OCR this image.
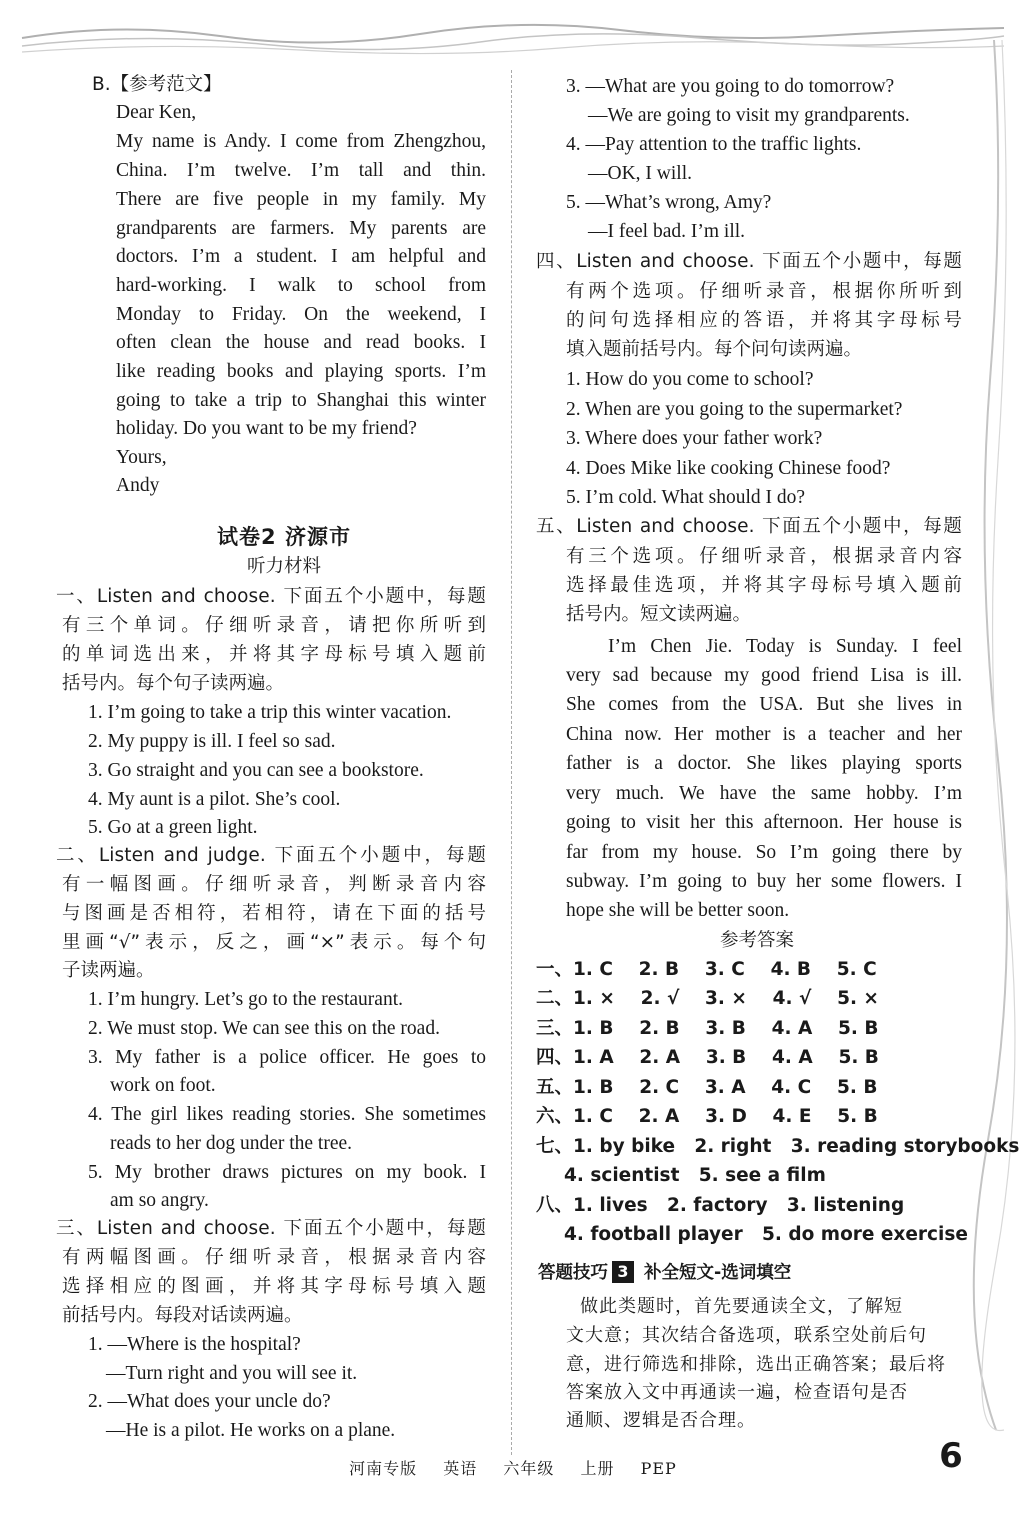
B.【参考范文】
Dear Ken,
My name is Andy. I come from Zhengzhou,
China. I’m twelve. I’m tall and thin.
There are five people in my family. My
grandparents are farmers. My parents are
doctors. I’m a student. I am helpful and
hard-working. I walk to school from
Monday to Friday. On the weekend, I
often clean the house and read books. I
like reading books and playing sports. I’m
going to take a trip to Shanghai this winter
holiday. Do you want to be my friend?
Yours,
Andy
试卷2 济源市
听力材料
一、Listen and choose. 下面五个小题中，每题
有三个单词。仔细听录音，请把你所听到
的单词选出来，并将其字母标号填入题前
括号内。每个句子读两遍。
1. I’m going to take a trip this winter vacation.
2. My puppy is ill. I feel so sad.
3. Go straight and you can see a bookstore.
4. My aunt is a pilot. She’s cool.
5. Go at a green light.
二、Listen and judge. 下面五个小题中，每题
有一幅图画。仔细听录音，判断录音内容
与图画是否相符，若相符，请在下面的括号
里画“√”表示，反之，画“×”表示。每个句
子读两遍。
1. I’m hungry. Let’s go to the restaurant.
2. We must stop. We can see this on the road.
3. My father is a police officer. He goes to
work on foot.
4. The girl likes reading stories. She sometimes
reads to her dog under the tree.
5. My brother draws pictures on my book. I
am so angry.
三、Listen and choose. 下面五个小题中，每题
有两幅图画。仔细听录音，根据录音内容
选择相应的图画，并将其字母标号填入题
前括号内。每段对话读两遍。
1. —Where is the hospital?
—Turn right and you will see it.
2. —What does your uncle do?
—He is a pilot. He works on a plane.
3. —What are you going to do tomorrow?
—We are going to visit my grandparents.
4. —Pay attention to the traffic lights.
—OK, I will.
5. —What’s wrong, Amy?
—I feel bad. I’m ill.
四、Listen and choose. 下面五个小题中，每题
有两个选项。仔细听录音，根据你所听到
的问句选择相应的答语，并将其字母标号
填入题前括号内。每个问句读两遍。
1. How do you come to school?
2. When are you going to the supermarket?
3. Where does your father work?
4. Does Mike like cooking Chinese food?
5. I’m cold. What should I do?
五、Listen and choose. 下面五个小题中，每题
有三个选项。仔细听录音，根据录音内容
选择最佳选项，并将其字母标号填入题前
括号内。短文读两遍。
I’m Chen Jie. Today is Sunday. I feel
very sad because my good friend Lisa is ill.
She comes from the USA. But she lives in
China now. Her mother is a teacher and her
father is a doctor. She likes playing sports
very much. We have the same hobby. I’m
going to visit her this afternoon. Her house is
far from my house. So I’m going there by
subway. I’m going to buy her some flowers. I
hope she will be better soon.
参考答案
一、1. C    2. B    3. C    4. B    5. C
二、1. ×    2. √    3. ×    4. √    5. ×
三、1. B    2. B    3. B    4. A    5. B
四、1. A    2. A    3. B    4. A    5. B
五、1. B    2. C    3. A    4. C    5. B
六、1. C    2. A    3. D    4. E    5. B
七、1. by bike   2. right   3. reading storybooks
4. scientist   5. see a film
八、1. lives   2. factory   3. listening
4. football player   5. do more exercise
答题技巧 3 补全短文-选词填空
做此类题时，首先要通读全文，了解短
文大意；其次结合备选项，联系空处前后句
意，进行筛选和排除，选出正确答案；最后将
答案放入文中再通读一遍，检查语句是否
通顺、逻辑是否合理。
河南专版 英语 六年级 上册 PEP	6
